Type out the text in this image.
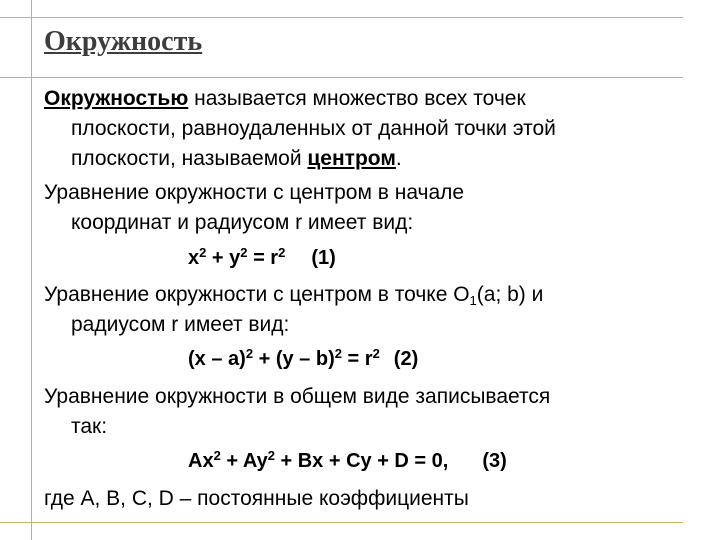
Окружность
Окружностью называется множество всех точек
плоскости, равноудаленных от данной точки этой
плоскости, называемой центром.
Уравнение окружности с центром в начале
координат и радиусом r имеет вид:
$x^2 + y^2 = r^2$ (1)
Уравнение окружности с центром в точке $O_1(a$; b) и
радиусом r имеет вид:
$(x - a)^2 + (y - b)^2 = r^2$ (2)
Уравнение окружности в общем виде записывается
так:
$Ax^2 + Ay^2 + Bx + Cy + D = 0$, (3)
где A, B, C, D – постоянные коэффициенты
